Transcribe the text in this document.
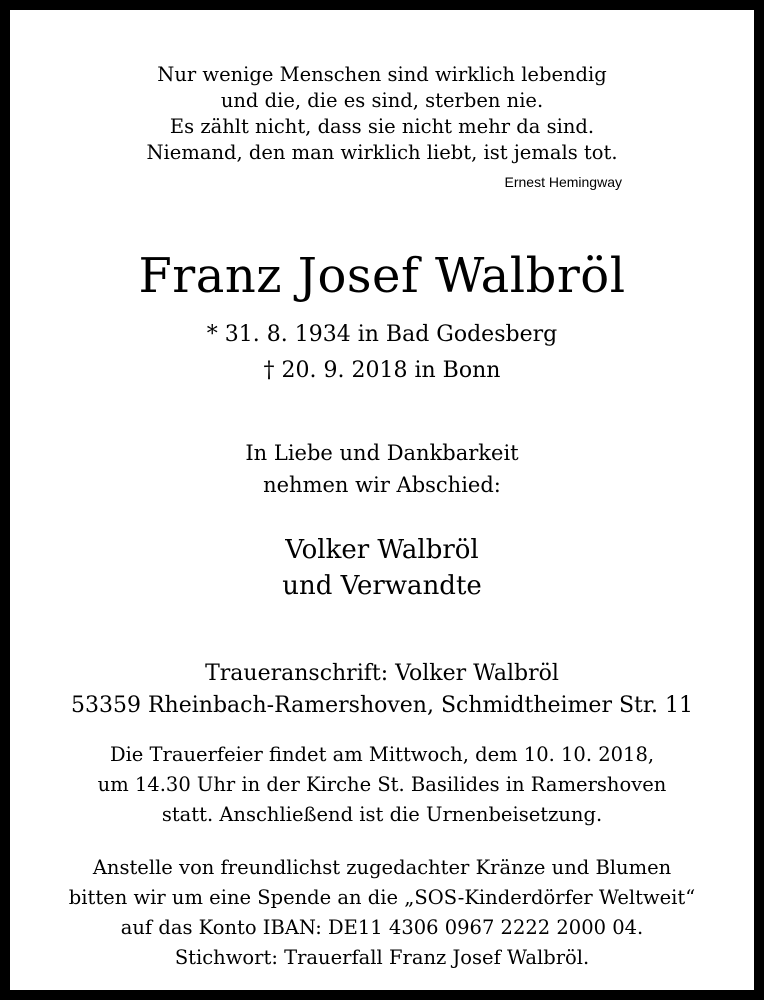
Nur wenige Menschen sind wirklich lebendig
und die, die es sind, sterben nie.
Es zählt nicht, dass sie nicht mehr da sind.
Niemand, den man wirklich liebt, ist jemals tot.
Ernest Hemingway
Franz Josef Walbröl
* 31. 8. 1934 in Bad Godesberg
† 20. 9. 2018 in Bonn
In Liebe und Dankbarkeit
nehmen wir Abschied:
Volker Walbröl
und Verwandte
Traueranschrift: Volker Walbröl
53359 Rheinbach-Ramershoven, Schmidtheimer Str. 11
Die Trauerfeier findet am Mittwoch, dem 10. 10. 2018,
um 14.30 Uhr in der Kirche St. Basilides in Ramershoven
statt. Anschließend ist die Urnenbeisetzung.
Anstelle von freundlichst zugedachter Kränze und Blumen
bitten wir um eine Spende an die „SOS-Kinderdörfer Weltweit“
auf das Konto IBAN: DE11 4306 0967 2222 2000 04.
Stichwort: Trauerfall Franz Josef Walbröl.
